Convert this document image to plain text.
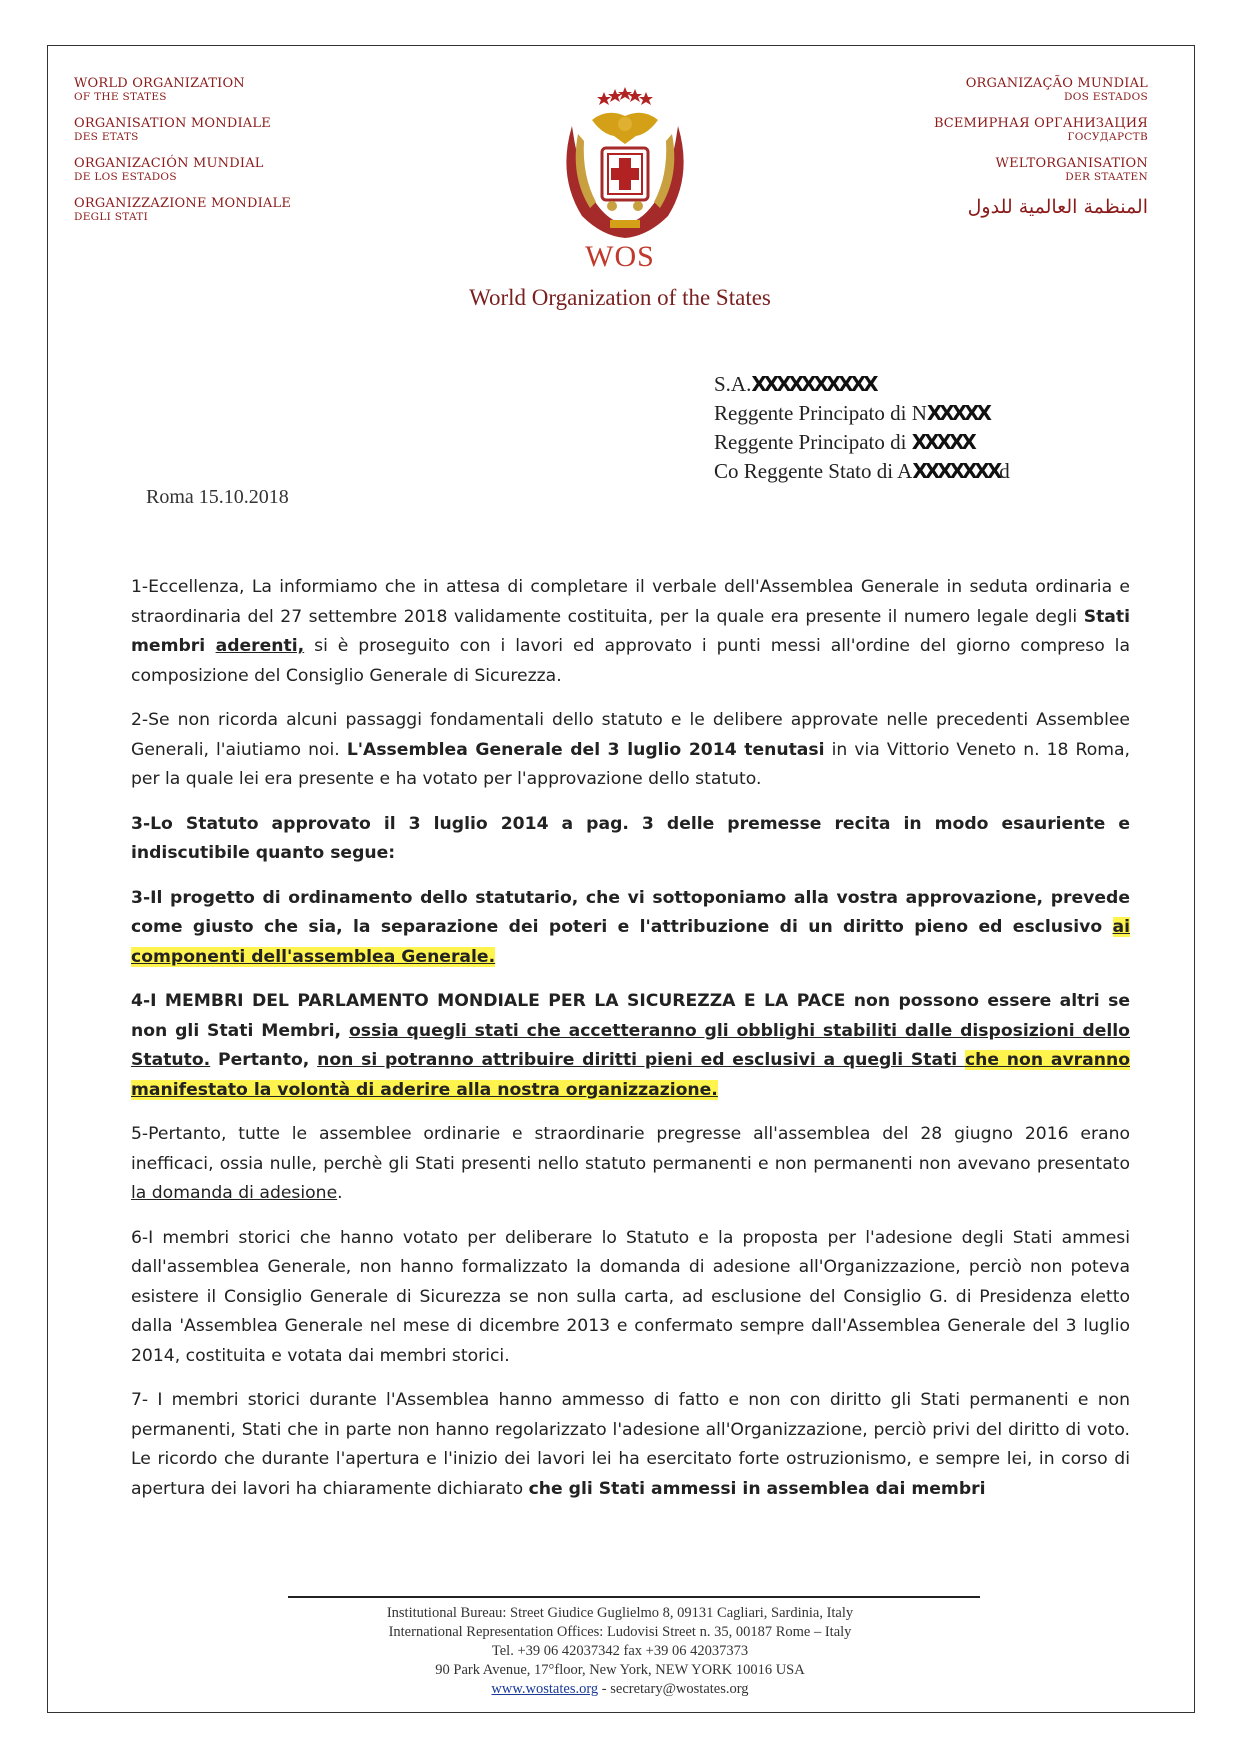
WORLD ORGANIZATION
OF THE STATES
ORGANISATION MONDIALE
DES ETATS
ORGANIZACIÓN MUNDIAL
DE LOS ESTADOS
ORGANIZZAZIONE MONDIALE
DEGLI STATI
ORGANIZAÇÃO MUNDIAL
DOS ESTADOS
ВСЕМИРНАЯ ОРГАНИЗАЦИЯ
ГОСУДАРСТВ
WELTORGANISATION
DER STAATEN
المنظمة العالمية للدول
WOS
World Organization of the States
S.A.XXXXXXXXXX
Reggente Principato di NXXXXX
Reggente Principato di XXXXX
Co Reggente Stato di AXXXXXXXd
Roma 15.10.2018

1-Eccellenza, La informiamo che in attesa di completare il verbale dell'Assemblea Generale in seduta ordinaria e straordinaria del 27 settembre 2018 validamente costituita, per la quale era presente il numero legale degli Stati membri aderenti, si è proseguito con i lavori ed approvato i punti messi all'ordine del giorno compreso la composizione del Consiglio Generale di Sicurezza.

2-Se non ricorda alcuni passaggi fondamentali dello statuto e le delibere approvate nelle precedenti Assemblee Generali, l'aiutiamo noi. L'Assemblea Generale del 3 luglio 2014 tenutasi in via Vittorio Veneto n. 18 Roma, per la quale lei era presente e ha votato per l'approvazione dello statuto.

3-Lo Statuto approvato il 3 luglio 2014 a pag. 3 delle premesse recita in modo esauriente e indiscutibile quanto segue:

3-Il progetto di ordinamento dello statutario, che vi sottoponiamo alla vostra approvazione, prevede come giusto che sia, la separazione dei poteri e l'attribuzione di un diritto pieno ed esclusivo ai componenti dell'assemblea Generale.

4-I MEMBRI DEL PARLAMENTO MONDIALE PER LA SICUREZZA E LA PACE non possono essere altri se non gli Stati Membri, ossia quegli stati che accetteranno gli obblighi stabiliti dalle disposizioni dello Statuto. Pertanto, non si potranno attribuire diritti pieni ed esclusivi a quegli Stati che non avranno manifestato la volontà di aderire alla nostra organizzazione.

5-Pertanto, tutte le assemblee ordinarie e straordinarie pregresse all'assemblea del 28 giugno 2016 erano inefficaci, ossia nulle, perchè gli Stati presenti nello statuto permanenti e non permanenti non avevano presentato la domanda di adesione.

6-I membri storici che hanno votato per deliberare lo Statuto e la proposta per l'adesione degli Stati ammesi dall'assemblea Generale, non hanno formalizzato la domanda di adesione all'Organizzazione, perciò non poteva esistere il Consiglio Generale di Sicurezza se non sulla carta, ad esclusione del Consiglio G. di Presidenza eletto dalla 'Assemblea Generale nel mese di dicembre 2013 e confermato sempre dall'Assemblea Generale del 3 luglio 2014, costituita e votata dai membri storici.

7- I membri storici durante l'Assemblea hanno ammesso di fatto e non con diritto gli Stati permanenti e non permanenti, Stati che in parte non hanno regolarizzato l'adesione all'Organizzazione, perciò privi del diritto di voto. Le ricordo che durante l'apertura e l'inizio dei lavori lei ha esercitato forte ostruzionismo, e sempre lei, in corso di apertura dei lavori ha chiaramente dichiarato che gli Stati ammessi in assemblea dai membri

Institutional Bureau: Street Giudice Guglielmo 8, 09131 Cagliari, Sardinia, Italy
International Representation Offices: Ludovisi Street n. 35, 00187 Rome – Italy
Tel. +39 06 42037342 fax +39 06 42037373
90 Park Avenue, 17°floor, New York, NEW YORK 10016 USA
www.wostates.org - secretary@wostates.org
